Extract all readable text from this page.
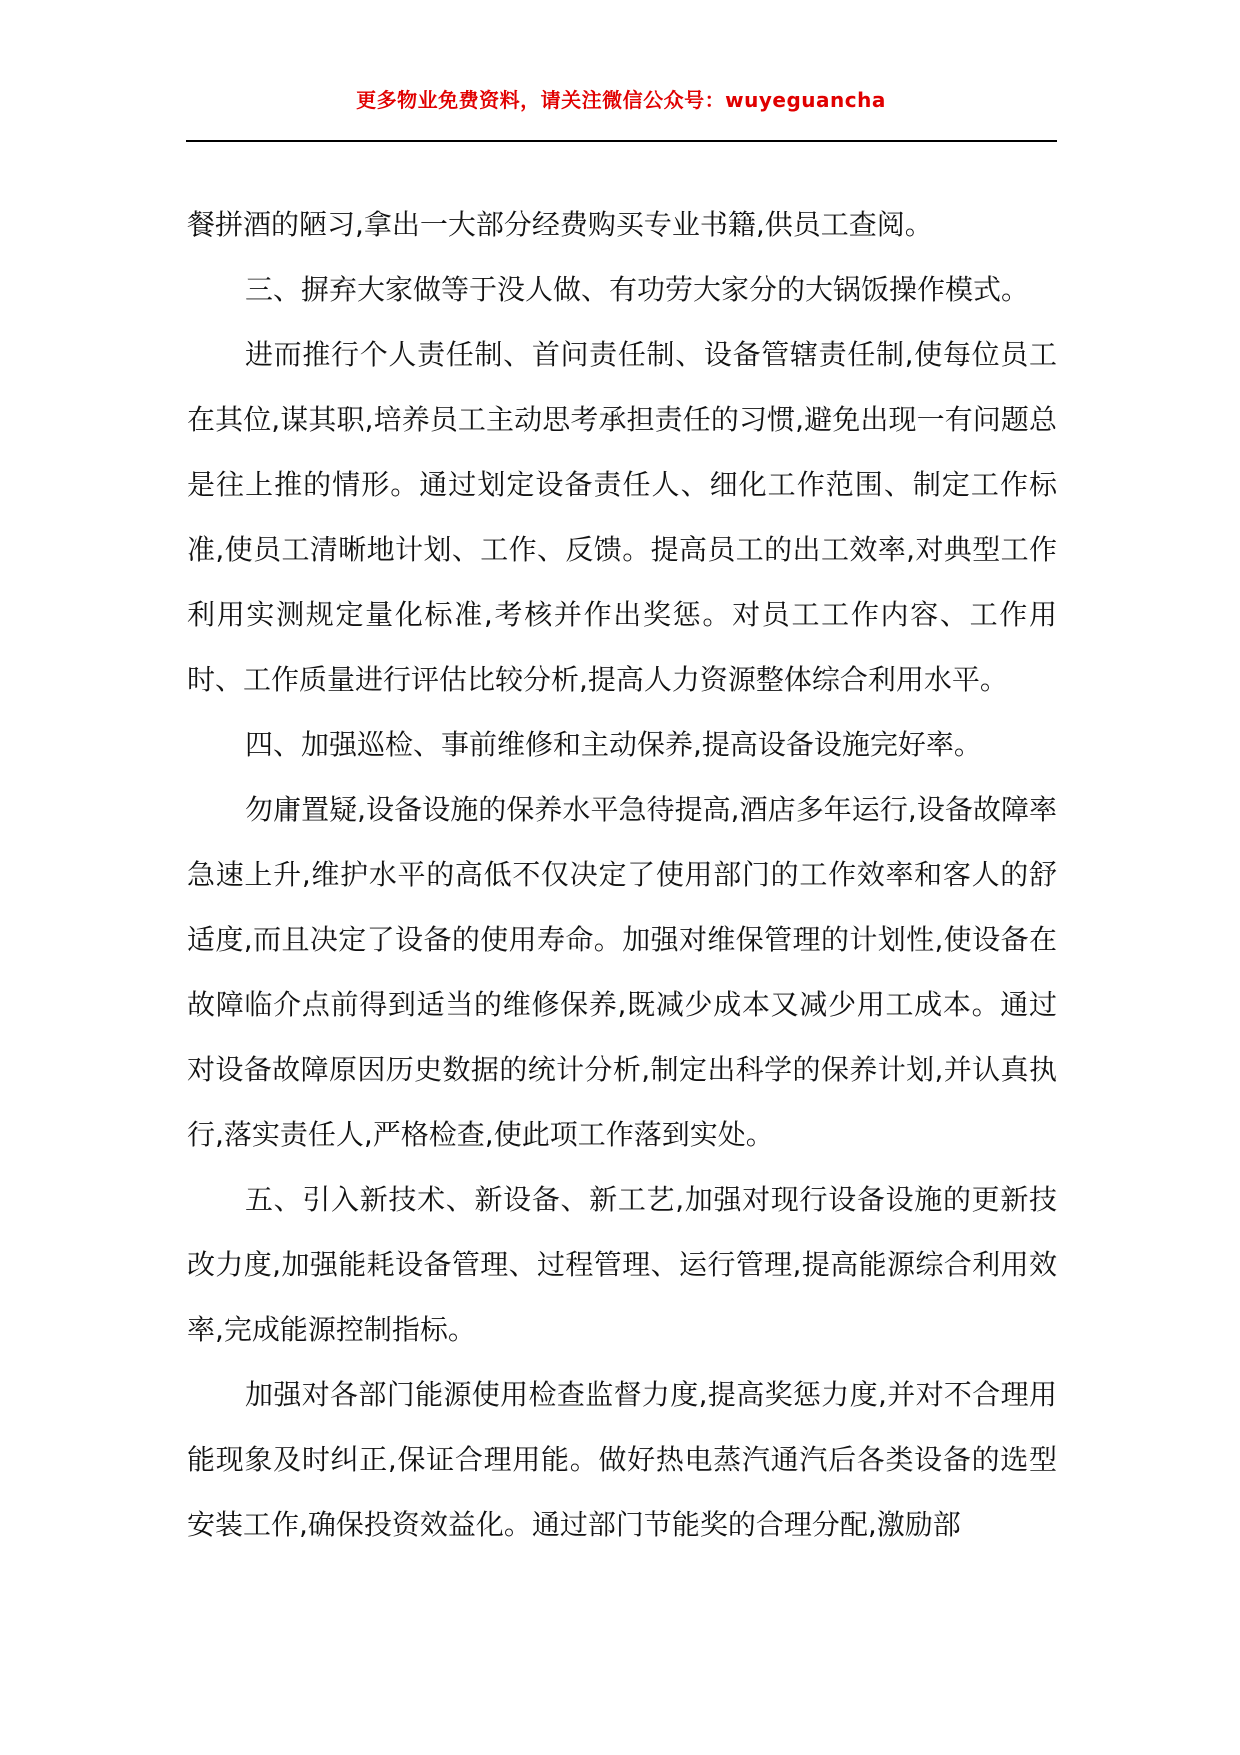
更多物业免费资料，请关注微信公众号：wuyeguancha

餐拼酒的陋习,拿出一大部分经费购买专业书籍,供员工查阅。

三、摒弃大家做等于没人做、有功劳大家分的大锅饭操作模式。

进而推行个人责任制、首问责任制、设备管辖责任制,使每位员工在其位,谋其职,培养员工主动思考承担责任的习惯,避免出现一有问题总是往上推的情形。通过划定设备责任人、细化工作范围、制定工作标准,使员工清晰地计划、工作、反馈。提高员工的出工效率,对典型工作利用实测规定量化标准,考核并作出奖惩。对员工工作内容、工作用时、工作质量进行评估比较分析,提高人力资源整体综合利用水平。

四、加强巡检、事前维修和主动保养,提高设备设施完好率。

勿庸置疑,设备设施的保养水平急待提高,酒店多年运行,设备故障率急速上升,维护水平的高低不仅决定了使用部门的工作效率和客人的舒适度,而且决定了设备的使用寿命。加强对维保管理的计划性,使设备在故障临介点前得到适当的维修保养,既减少成本又减少用工成本。通过对设备故障原因历史数据的统计分析,制定出科学的保养计划,并认真执行,落实责任人,严格检查,使此项工作落到实处。

五、引入新技术、新设备、新工艺,加强对现行设备设施的更新技改力度,加强能耗设备管理、过程管理、运行管理,提高能源综合利用效率,完成能源控制指标。

加强对各部门能源使用检查监督力度,提高奖惩力度,并对不合理用能现象及时纠正,保证合理用能。做好热电蒸汽通汽后各类设备的选型安装工作,确保投资效益化。通过部门节能奖的合理分配,激励部
